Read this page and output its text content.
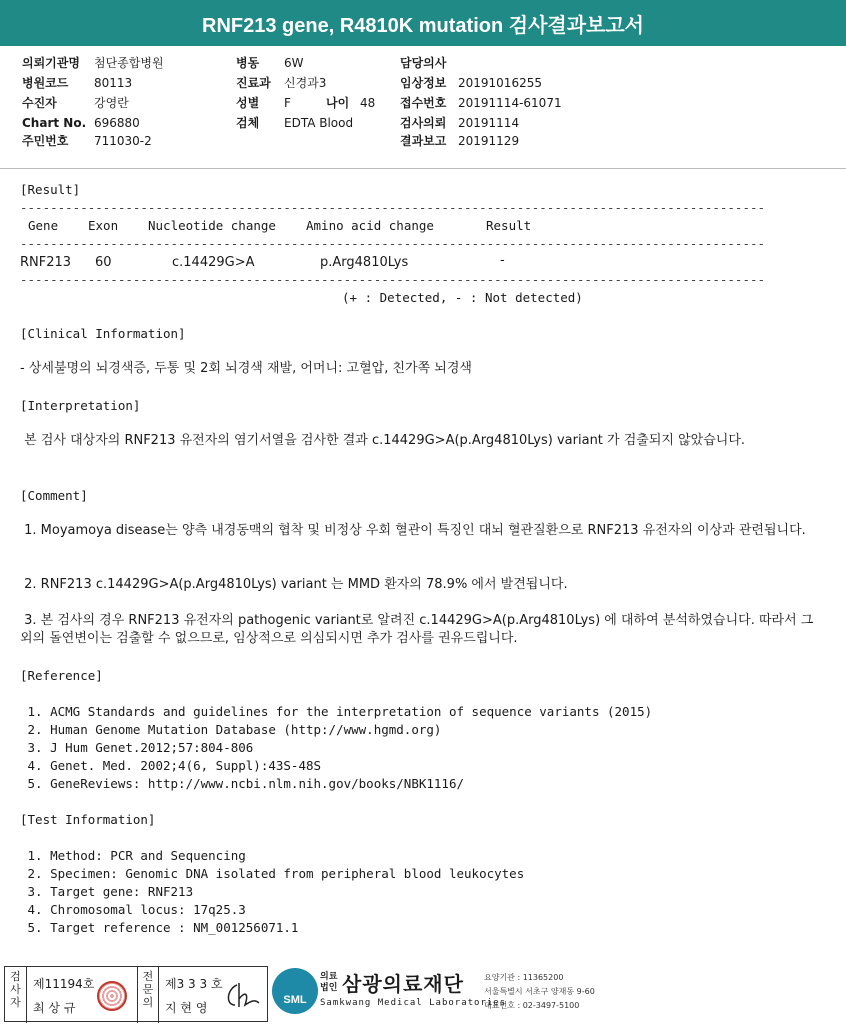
RNF213 gene, R4810K mutation 검사결과보고서
의뢰기관명 첨단종합병원
병원코드 80113
수진자	강영란
Chart No. 696880
주민번호 711030-2
병동 6W
진료과 신경과3
성별 F	나이 48
검체 EDTA Blood
담당의사
임상정보 20191016255
접수번호 20191114-61071
검사의뢰 20191114
결과보고 20191129
[Result]
---------------------------------------------------------------------------------------------------
Gene Exon Nucleotide change Amino acid change	Result
---------------------------------------------------------------------------------------------------
RNF213 60	c.14429G>A	p.Arg4810Lys	-
---------------------------------------------------------------------------------------------------
(+ : Detected, - : Not detected)
[Clinical Information]
- 상세불명의 뇌경색증, 두통 및 2회 뇌경색 재발, 어머니: 고혈압, 친가쪽 뇌경색
[Interpretation]
본 검사 대상자의 RNF213 유전자의 염기서열을 검사한 결과 c.14429G>A(p.Arg4810Lys) variant 가 검출되지 않았습니다.
[Comment]
1. Moyamoya disease는 양측 내경동맥의 협착 및 비정상 우회 혈관이 특징인 대뇌 혈관질환으로 RNF213 유전자의 이상과 관련됩니다.
2. RNF213 c.14429G>A(p.Arg4810Lys) variant 는 MMD 환자의 78.9% 에서 발견됩니다.
3. 본 검사의 경우 RNF213 유전자의 pathogenic variant로 알려진 c.14429G>A(p.Arg4810Lys) 에 대하여 분석하였습니다. 따라서 그 외의 돌연변이는 검출할 수 없으므로, 임상적으로 의심되시면 추가 검사를 권유드립니다.
[Reference]
1. ACMG Standards and guidelines for the interpretation of sequence variants (2015)
2. Human Genome Mutation Database (http://www.hgmd.org)
3. J Hum Genet.2012;57:804-806
4. Genet. Med. 2002;4(6, Suppl):43S-48S
5. GeneReviews: http://www.ncbi.nlm.nih.gov/books/NBK1116/
[Test Information]
1. Method: PCR and Sequencing
2. Specimen: Genomic DNA isolated from peripheral blood leukocytes
3. Target gene: RNF213
4. Chromosomal locus: 17q25.3
5. Target reference : NM_001256071.1
검사자
제11194호
최 상 규
전문의
제3 3 3 호
지 현 영
SML
의료
법인 삼광의료재단
Samkwang Medical Laboratories
요양기관 : 11365200
서울특별시 서초구 양재동 9-60
대표번호 : 02-3497-5100
